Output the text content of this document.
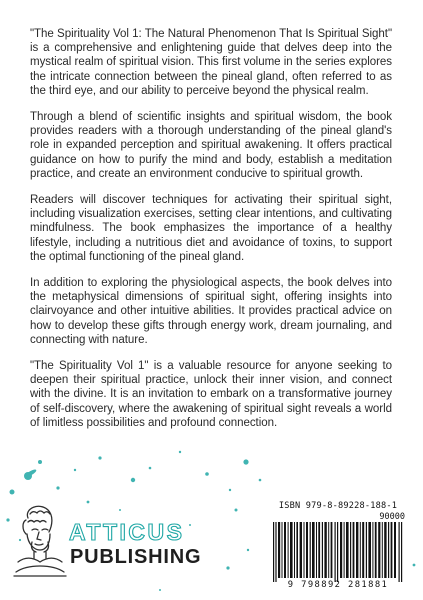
"The Spirituality Vol 1: The Natural Phenomenon That Is Spiritual Sight" is a comprehensive and enlightening guide that delves deep into the mystical realm of spiritual vision. This first volume in the series explores the intricate connection between the pineal gland, often referred to as the third eye, and our ability to perceive beyond the physical realm.

Through a blend of scientific insights and spiritual wisdom, the book provides readers with a thorough understanding of the pineal gland's role in expanded perception and spiritual awakening. It offers practical guidance on how to purify the mind and body, establish a meditation practice, and create an environment conducive to spiritual growth.

Readers will discover techniques for activating their spiritual sight, including visualization exercises, setting clear intentions, and cultivating mindfulness. The book emphasizes the importance of a healthy lifestyle, including a nutritious diet and avoidance of toxins, to support the optimal functioning of the pineal gland.

In addition to exploring the physiological aspects, the book delves into the metaphysical dimensions of spiritual sight, offering insights into clairvoyance and other intuitive abilities. It provides practical advice on how to develop these gifts through energy work, dream journaling, and connecting with nature.

"The Spirituality Vol 1" is a valuable resource for anyone seeking to deepen their spiritual practice, unlock their inner vision, and connect with the divine. It is an invitation to embark on a transformative journey of self-discovery, where the awakening of spiritual sight reveals a world of limitless possibilities and profound connection.

ATTICUS
PUBLISHING
ISBN 979-8-89228-188-1
90000
9 798892 281881
